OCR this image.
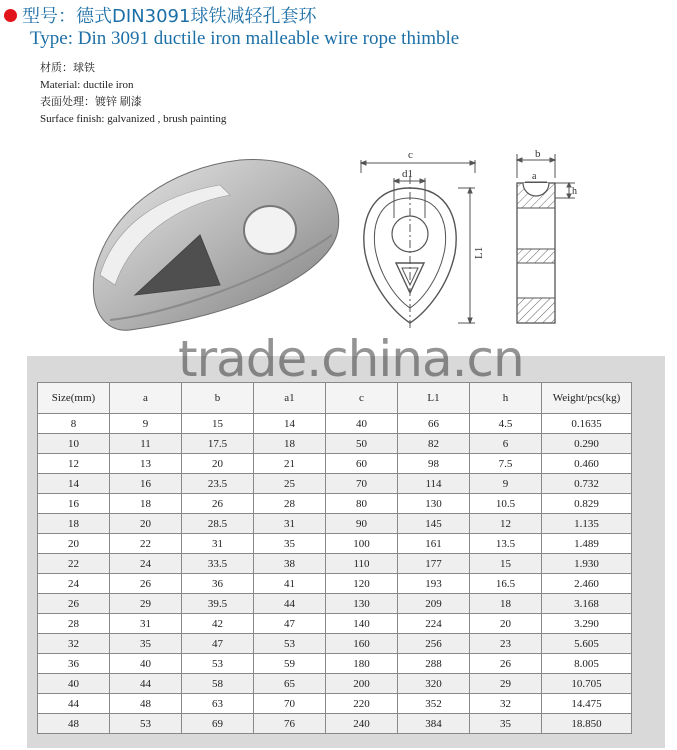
型号：德式DIN3091球铁减轻孔套环
Type: Din 3091 ductile iron malleable wire rope thimble
材质：球铁
Material: ductile iron
表面处理：镀锌 刷漆
Surface finish: galvanized , brush painting
c
d1
L1
b
a
h
Size(mm)	a	b	a1	c	L1	h	Weight/pcs(kg)
8	9	15	14	40	66	4.5	0.1635
10	11	17.5	18	50	82	6	0.290
12	13	20	21	60	98	7.5	0.460
14	16	23.5	25	70	114	9	0.732
16	18	26	28	80	130	10.5	0.829
18	20	28.5	31	90	145	12	1.135
20	22	31	35	100	161	13.5	1.489
22	24	33.5	38	110	177	15	1.930
24	26	36	41	120	193	16.5	2.460
26	29	39.5	44	130	209	18	3.168
28	31	42	47	140	224	20	3.290
32	35	47	53	160	256	23	5.605
36	40	53	59	180	288	26	8.005
40	44	58	65	200	320	29	10.705
44	48	63	70	220	352	32	14.475
48	53	69	76	240	384	35	18.850
trade.china.cn
